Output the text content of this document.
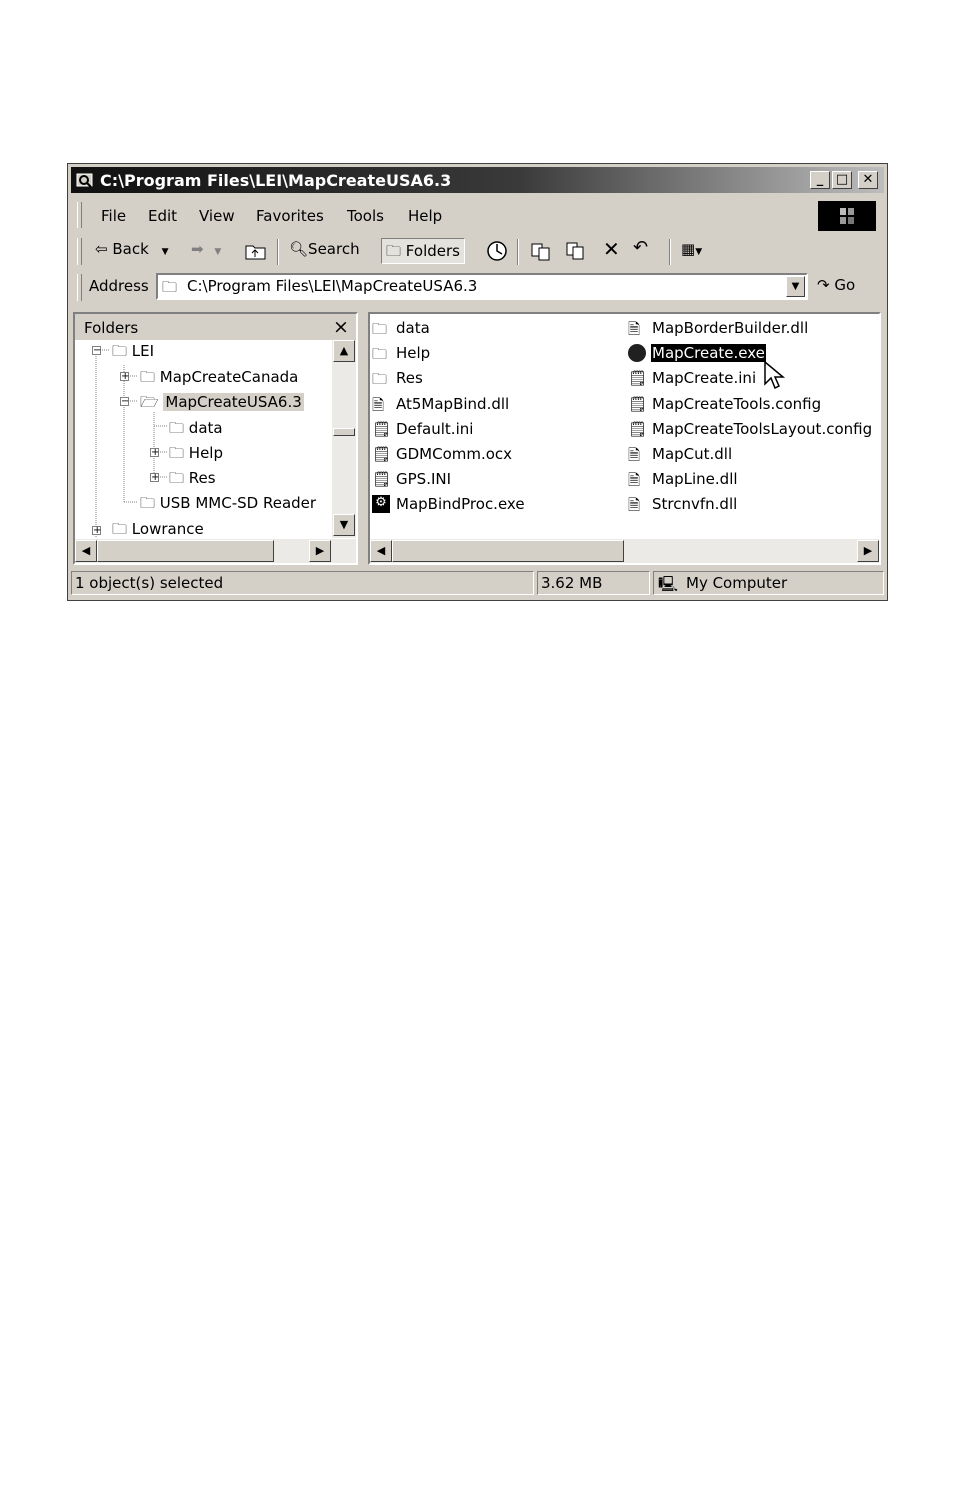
C:\Program Files\LEI\MapCreateUSA6.3	_ □	✕
File Edit View Favorites Tools Help
⇦ Back ▼ ➡ ▼	🔍︎Search	🗀 Folders	✕ ↶ ▦▼
Address 🗀 C:\Program Files\LEI\MapCreateUSA6.3	▼	↷ Go
Folders	×
− 🗀 LEI
+ 🗀 MapCreateCanada
− 🗁 MapCreateUSA6.3
🗀 data
+ 🗀 Help
+ 🗀 Res
🗀 USB MMC-SD Reader
+ 🗀 Lowrance
▲
▼
◀	▶
🗀 data
🗀 Help
🗀 Res
🗎 At5MapBind.dll
🗒 Default.ini
🗒 GDMComm.ocx
🗒 GPS.INI
⚙ MapBindProc.exe
🗎 MapBorderBuilder.dll
MapCreate.exe
🗒 MapCreate.ini
🗒 MapCreateTools.config
🗒 MapCreateToolsLayout.config
🗎 MapCut.dll
🗎 MapLine.dll
🗎 Strcnvfn.dll
◀	▶
1 object(s) selected	3.62 MB	🖳 My Computer
